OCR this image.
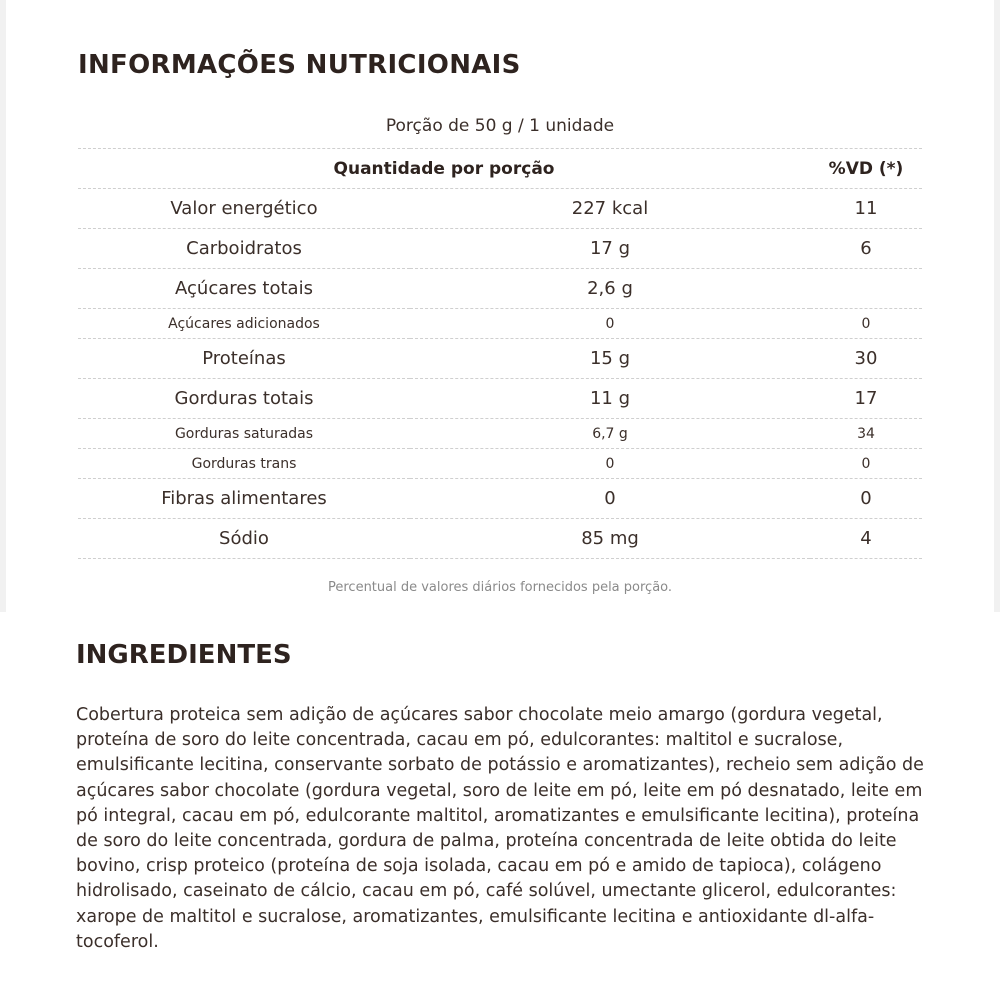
INFORMAÇÕES NUTRICIONAIS
Porção de 50 g / 1 unidade
Quantidade por porção		%VD (*)
Valor energético	227 kcal	11
Carboidratos	17 g	6
Açúcares totais	2,6 g	
Açúcares adicionados	0	0
Proteínas	15 g	30
Gorduras totais	11 g	17
Gorduras saturadas	6,7 g	34
Gorduras trans	0	0
Fibras alimentares	0	0
Sódio	85 mg	4
Percentual de valores diários fornecidos pela porção.
INGREDIENTES
Cobertura proteica sem adição de açúcares sabor chocolate meio amargo (gordura vegetal, proteína de soro do leite concentrada, cacau em pó, edulcorantes: maltitol e sucralose, emulsificante lecitina, conservante sorbato de potássio e aromatizantes), recheio sem adição de açúcares sabor chocolate (gordura vegetal, soro de leite em pó, leite em pó desnatado, leite em pó integral, cacau em pó, edulcorante maltitol, aromatizantes e emulsificante lecitina), proteína de soro do leite concentrada, gordura de palma, proteína concentrada de leite obtida do leite bovino, crisp proteico (proteína de soja isolada, cacau em pó e amido de tapioca), colágeno hidrolisado, caseinato de cálcio, cacau em pó, café solúvel, umectante glicerol, edulcorantes: xarope de maltitol e sucralose, aromatizantes, emulsificante lecitina e antioxidante dl-alfa-tocoferol.
